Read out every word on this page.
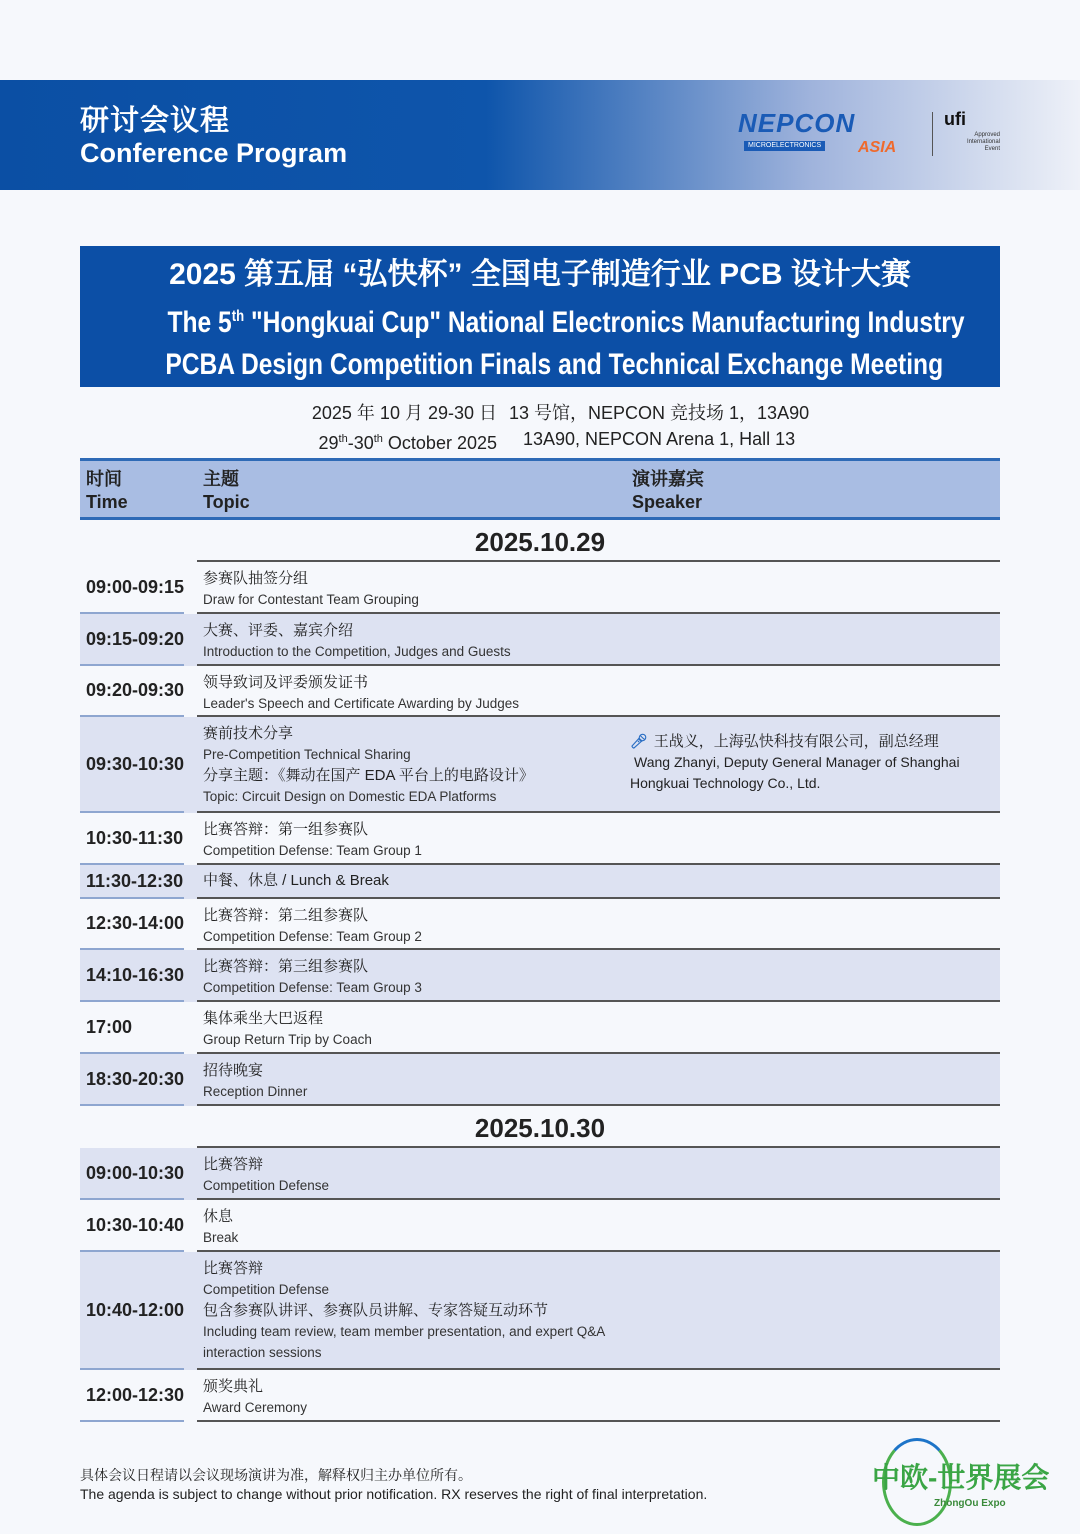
研讨会议程
Conference Program
NEPCON
MICROELECTRONICS ASIA
ufi
Approved International Event
2025 第五届 “弘快杯” 全国电子制造行业 PCB 设计大赛
The 5th "Hongkuai Cup" National Electronics Manufacturing Industry
PCBA Design Competition Finals and Technical Exchange Meeting
2025 年 10 月 29-30 日
29th-30th October 2025
13 号馆，NEPCON 竞技场 1，13A90
13A90, NEPCON Arena 1, Hall 13
时间
Time
主题
Topic
演讲嘉宾
Speaker
2025.10.29
09:00-09:15 参赛队抽签分组
Draw for Contestant Team Grouping
09:15-09:20 大赛、评委、嘉宾介绍
Introduction to the Competition, Judges and Guests
09:20-09:30 领导致词及评委颁发证书
Leader's Speech and Certificate Awarding by Judges
09:30-10:30
赛前技术分享
Pre-Competition Technical Sharing
分享主题：《舞动在国产 EDA 平台上的电路设计》
Topic: Circuit Design on Domestic EDA Platforms
🎤︎ 王战义，上海弘快科技有限公司，副总经理
Wang Zhanyi, Deputy General Manager of Shanghai
Hongkuai Technology Co., Ltd.
10:30-11:30 比赛答辩：第一组参赛队
Competition Defense: Team Group 1
11:30-12:30 中餐、休息 / Lunch & Break
12:30-14:00 比赛答辩：第二组参赛队
Competition Defense: Team Group 2
14:10-16:30 比赛答辩：第三组参赛队
Competition Defense: Team Group 3
17:00	集体乘坐大巴返程
Group Return Trip by Coach
18:30-20:30 招待晚宴
Reception Dinner
2025.10.30
09:00-10:30 比赛答辩
Competition Defense
10:30-10:40 休息
Break
10:40-12:00
比赛答辩
Competition Defense
包含参赛队讲评、参赛队员讲解、专家答疑互动环节
Including team review, team member presentation, and expert Q&A
interaction sessions
12:00-12:30 颁奖典礼
Award Ceremony
具体会议日程请以会议现场演讲为准，解释权归主办单位所有。
The agenda is subject to change without prior notification. RX reserves the right of final interpretation.
中欧-世界展会
ZhongOu Expo
